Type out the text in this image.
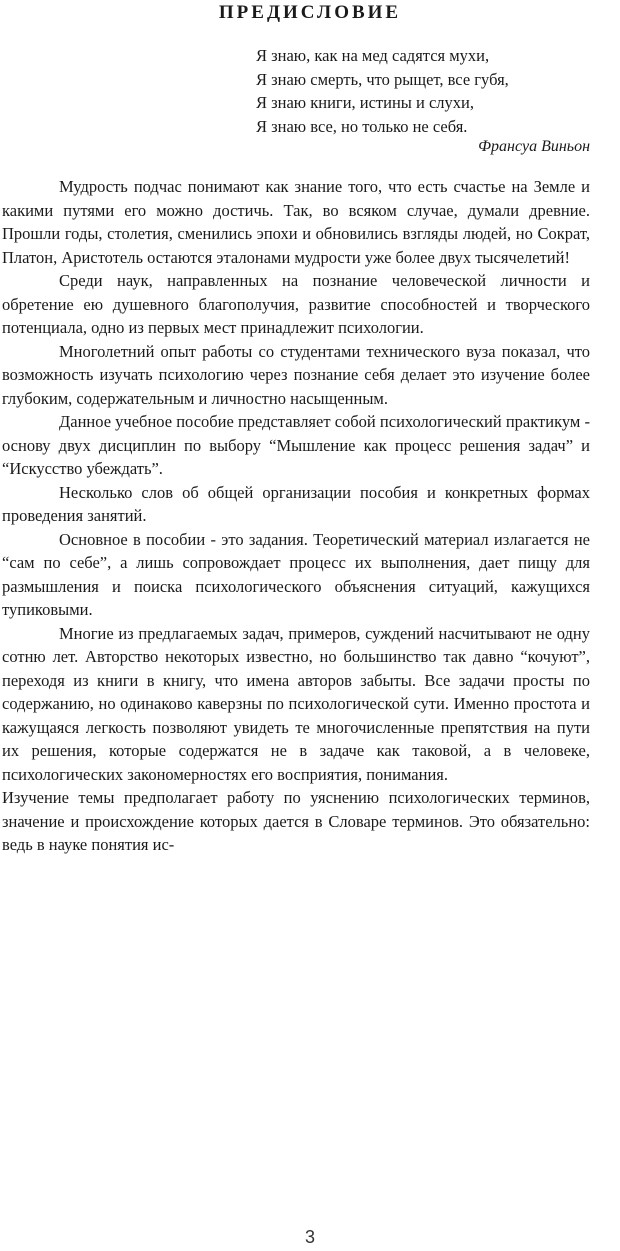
ПРЕДИСЛОВИЕ
Я знаю, как на мед садятся мухи,
Я знаю смерть, что рыщет, все губя,
Я знаю книги, истины и слухи,
Я знаю все, но только не себя.
Франсуа Виньон

Мудрость подчас понимают как знание того, что есть счастье на Земле и какими путями его можно достичь. Так, во всяком случае, думали древние. Прошли годы, столетия, сменились эпохи и обновились взгляды людей, но Сократ, Платон, Аристотель остаются эталонами мудрости уже более двух тысячелетий!

Среди наук, направленных на познание человеческой личности и обретение ею душевного благополучия, развитие способностей и творческого потенциала, одно из первых мест принадлежит психологии.

Многолетний опыт работы со студентами технического вуза показал, что возможность изучать психологию через познание себя делает это изучение более глубоким, содержательным и личностно насыщенным.

Данное учебное пособие представляет собой психологический практикум - основу двух дисциплин по выбору “Мышление как процесс решения задач” и “Искусство убеждать”.

Несколько слов об общей организации пособия и конкретных формах проведения занятий.

Основное в пособии - это задания. Теоретический материал излагается не “сам по себе”, а лишь сопровождает процесс их выполнения, дает пищу для размышления и поиска психологического объяснения ситуаций, кажущихся тупиковыми.

Многие из предлагаемых задач, примеров, суждений насчитывают не одну сотню лет. Авторство некоторых известно, но большинство так давно “кочуют”, переходя из книги в книгу, что имена авторов забыты. Все задачи просты по содержанию, но одинаково каверзны по психологической сути. Именно простота и кажущаяся легкость позволяют увидеть те многочисленные препятствия на пути их решения, которые содержатся не в задаче как таковой, а в человеке, психологических закономерностях его восприятия, понимания.

Изучение темы предполагает работу по уяснению психологических терминов, значение и происхождение которых дается в Словаре терминов. Это обязательно: ведь в науке понятия ис-

3
